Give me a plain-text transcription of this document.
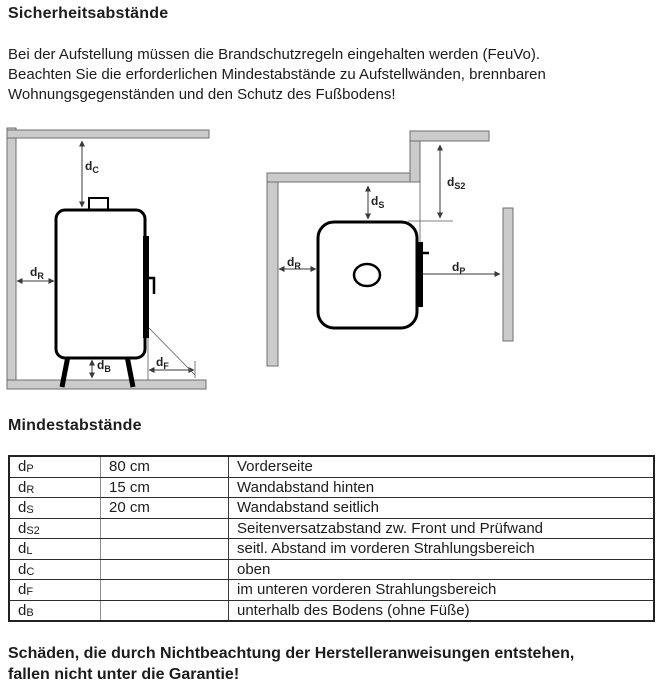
Sicherheitsabstände
Bei der Aufstellung müssen die Brandschutzregeln eingehalten werden (FeuVo).
Beachten Sie die erforderlichen Mindestabstände zu Aufstellwänden, brennbaren
Wohnungsgegenständen und den Schutz des Fußbodens!
$d_C$
$d_R$
$d_B$	$d_F$
$d_S$
$d_{S2}$
$d_R$	$d_P$
Mindestabstände
dP	80 cm	Vorderseite
dR	15 cm	Wandabstand hinten
dS	20 cm	Wandabstand seitlich
dS2		Seitenversatzabstand zw. Front und Prüfwand
dL		seitl. Abstand im vorderen Strahlungsbereich
dC		oben
dF		im unteren vorderen Strahlungsbereich
dB		unterhalb des Bodens (ohne Füße)
Schäden, die durch Nichtbeachtung der Herstelleranweisungen entstehen,
fallen nicht unter die Garantie!
